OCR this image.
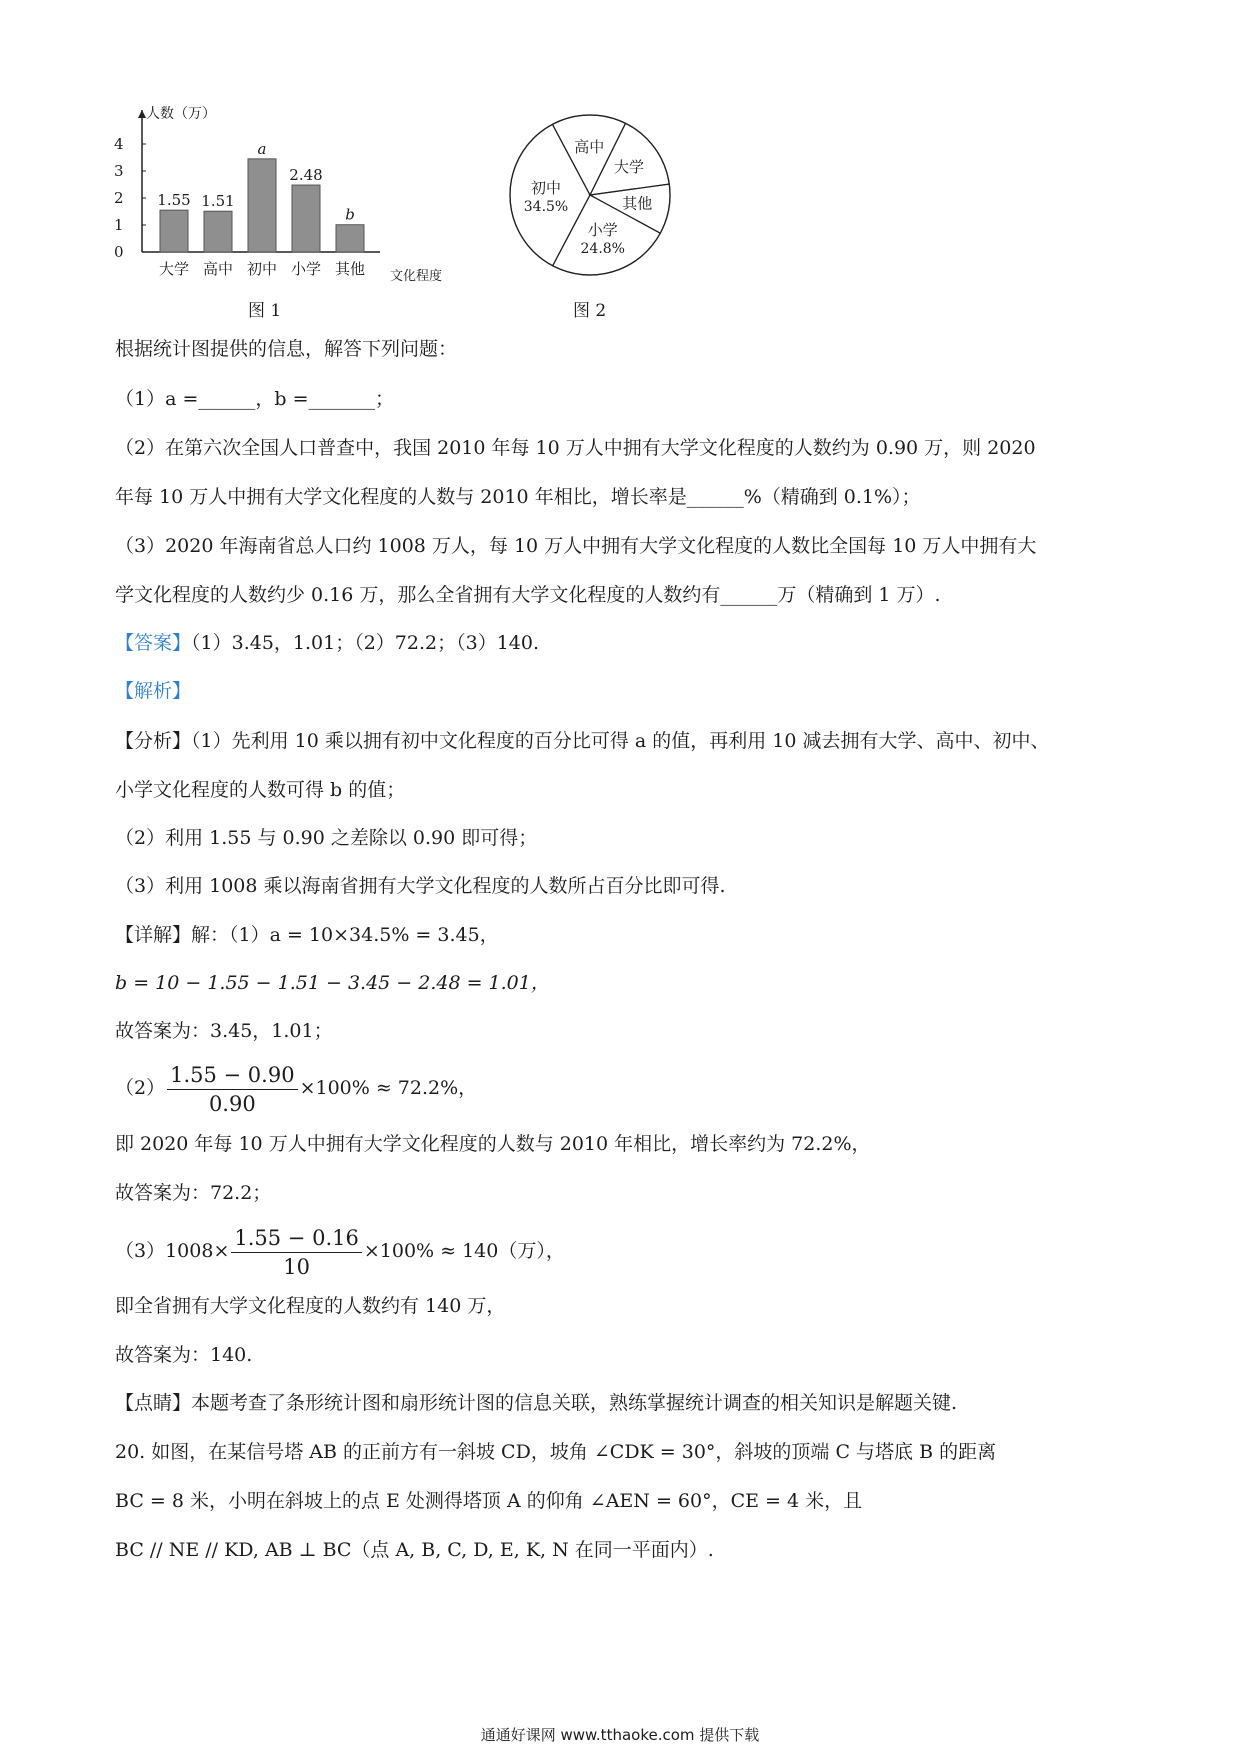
0
1
2
3
4
1.55
大学
1.51
高中
a
初中
2.48
小学
b
其他
人数（万）
文化程度
图 1
高中
大学
其他
小学
24.8%
初中
34.5%
图 2
根据统计图提供的信息，解答下列问题：
（1）a =______，b =_______；
（2）在第六次全国人口普查中，我国 2010 年每 10 万人中拥有大学文化程度的人数约为 0.90 万，则 2020
年每 10 万人中拥有大学文化程度的人数与 2010 年相比，增长率是______%（精确到 0.1%）；
（3）2020 年海南省总人口约 1008 万人，每 10 万人中拥有大学文化程度的人数比全国每 10 万人中拥有大
学文化程度的人数约少 0.16 万，那么全省拥有大学文化程度的人数约有______万（精确到 1 万）.
【答案】（1）3.45，1.01；（2）72.2；（3）140.
【解析】
【分析】（1）先利用 10 乘以拥有初中文化程度的百分比可得 a 的值，再利用 10 减去拥有大学、高中、初中、
小学文化程度的人数可得 b 的值；
（2）利用 1.55 与 0.90 之差除以 0.90 即可得；
（3）利用 1008 乘以海南省拥有大学文化程度的人数所占百分比即可得.
【详解】解：（1）a = 10×34.5% = 3.45，
b = 10 − 1.55 − 1.51 − 3.45 − 2.48 = 1.01，
故答案为：3.45，1.01；
$(2) \frac{1.55 - 0.90}{0.90} \times 100\% \approx 72.2\%$，
即 2020 年每 10 万人中拥有大学文化程度的人数与 2010 年相比，增长率约为 72.2%，
故答案为：72.2；
$(3)1008\times \frac{1.55 - 0.16}{10} \times 100\% \approx 140$（万），
即全省拥有大学文化程度的人数约有 140 万，
故答案为：140.
【点睛】本题考查了条形统计图和扇形统计图的信息关联，熟练掌握统计调查的相关知识是解题关键.
20. 如图，在某信号塔 AB 的正前方有一斜坡 CD，坡角 ∠CDK = 30°，斜坡的顶端 C 与塔底 B 的距离
BC = 8 米，小明在斜坡上的点 E 处测得塔顶 A 的仰角 ∠AEN = 60°，CE = 4 米，且
BC // NE // KD, AB ⊥ BC（点 A, B, C, D, E, K, N 在同一平面内）.
通通好课网 www.tthaoke.com 提供下载
